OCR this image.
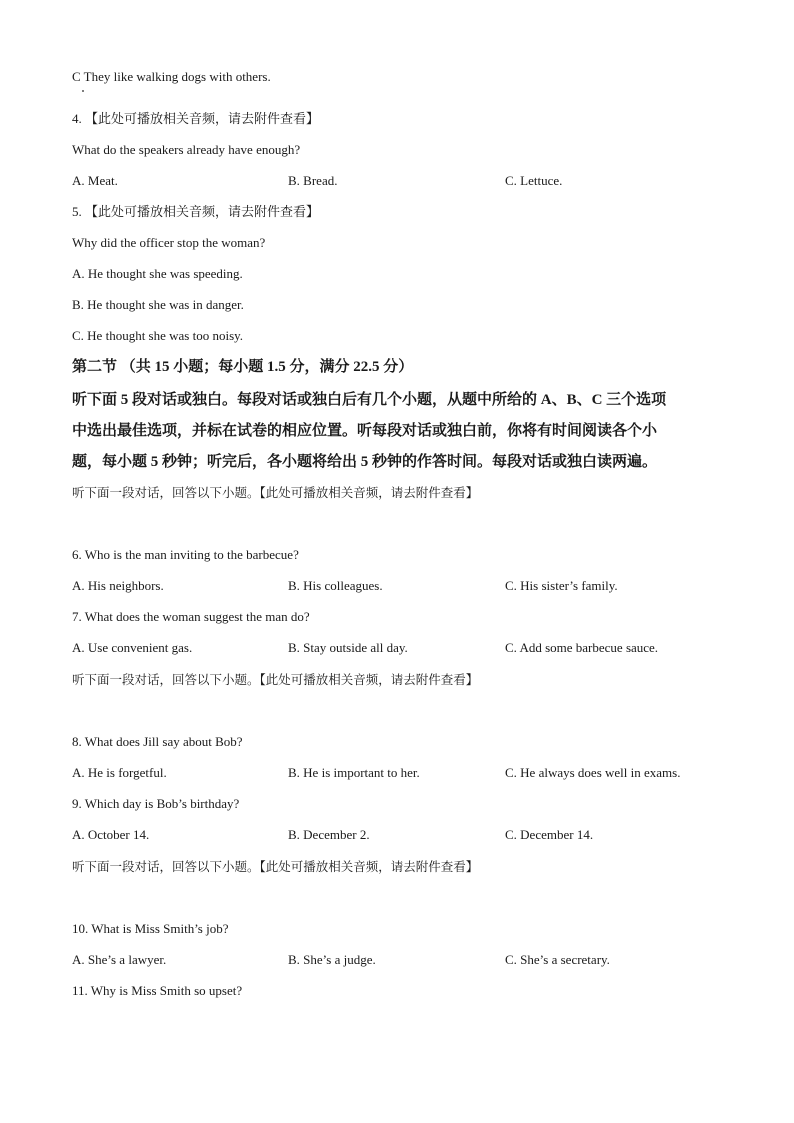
C They like walking dogs with others.
4. 【此处可播放相关音频，请去附件查看】
What do the speakers already have enough?
A. Meat.	B. Bread.	C. Lettuce.
5. 【此处可播放相关音频，请去附件查看】
Why did the officer stop the woman?
A. He thought she was speeding.
B. He thought she was in danger.
C. He thought she was too noisy.
第二节 （共 15 小题；每小题 1.5 分，满分 22.5 分）
听下面 5 段对话或独白。每段对话或独白后有几个小题，从题中所给的 A、B、C 三个选项
中选出最佳选项，并标在试卷的相应位置。听每段对话或独白前，你将有时间阅读各个小
题，每小题 5 秒钟；听完后，各小题将给出 5 秒钟的作答时间。每段对话或独白读两遍。
听下面一段对话，回答以下小题。【此处可播放相关音频，请去附件查看】
6. Who is the man inviting to the barbecue?
A. His neighbors.	B. His colleagues.	C. His sister’s family.
7. What does the woman suggest the man do?
A. Use convenient gas.	B. Stay outside all day.	C. Add some barbecue sauce.
听下面一段对话，回答以下小题。【此处可播放相关音频，请去附件查看】
8. What does Jill say about Bob?
A. He is forgetful.	B. He is important to her.	C. He always does well in exams.
9. Which day is Bob’s birthday?
A. October 14.	B. December 2.	C. December 14.
听下面一段对话，回答以下小题。【此处可播放相关音频，请去附件查看】
10. What is Miss Smith’s job?
A. She’s a lawyer.	B. She’s a judge.	C. She’s a secretary.
11. Why is Miss Smith so upset?
